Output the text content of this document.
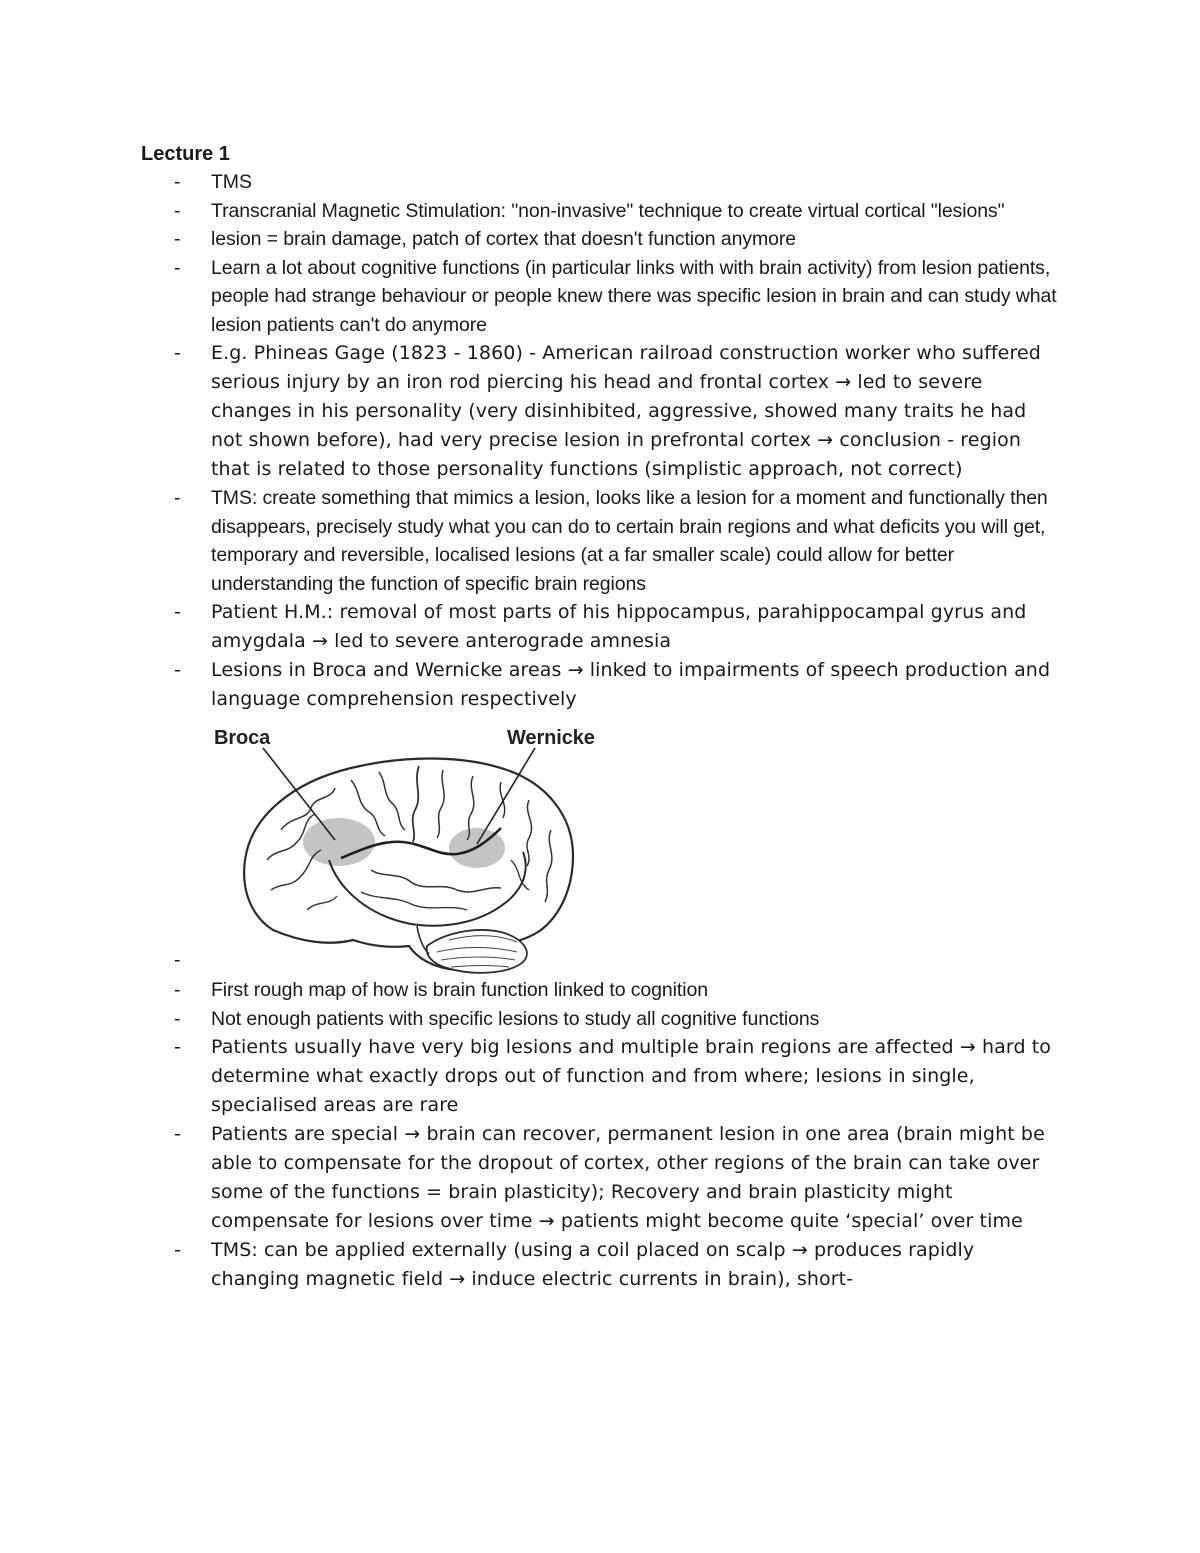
Lecture 1
- TMS
- Transcranial Magnetic Stimulation: "non-invasive" technique to create virtual cortical "lesions"
- lesion = brain damage, patch of cortex that doesn't function anymore
- Learn a lot about cognitive functions (in particular links with with brain activity) from lesion patients, people had strange behaviour or people knew there was specific lesion in brain and can study what lesion patients can't do anymore
- E.g. Phineas Gage (1823 - 1860) - American railroad construction worker who suffered serious injury by an iron rod piercing his head and frontal cortex → led to severe changes in his personality (very disinhibited, aggressive, showed many traits he had not shown before), had very precise lesion in prefrontal cortex → conclusion - region that is related to those personality functions (simplistic approach, not correct)
- TMS: create something that mimics a lesion, looks like a lesion for a moment and functionally then disappears, precisely study what you can do to certain brain regions and what deficits you will get, temporary and reversible, localised lesions (at a far smaller scale) could allow for better understanding the function of specific brain regions
- Patient H.M.: removal of most parts of his hippocampus, parahippocampal gyrus and amygdala → led to severe anterograde amnesia
- Lesions in Broca and Wernicke areas → linked to impairments of speech production and language comprehension respectively
-
Broca	Wernicke
- First rough map of how is brain function linked to cognition
- Not enough patients with specific lesions to study all cognitive functions
- Patients usually have very big lesions and multiple brain regions are affected → hard to determine what exactly drops out of function and from where; lesions in single, specialised areas are rare
- Patients are special → brain can recover, permanent lesion in one area (brain might be able to compensate for the dropout of cortex, other regions of the brain can take over some of the functions = brain plasticity); Recovery and brain plasticity might compensate for lesions over time → patients might become quite ‘special’ over time
- TMS: can be applied externally (using a coil placed on scalp → produces rapidly changing magnetic field → induce electric currents in brain), short-
